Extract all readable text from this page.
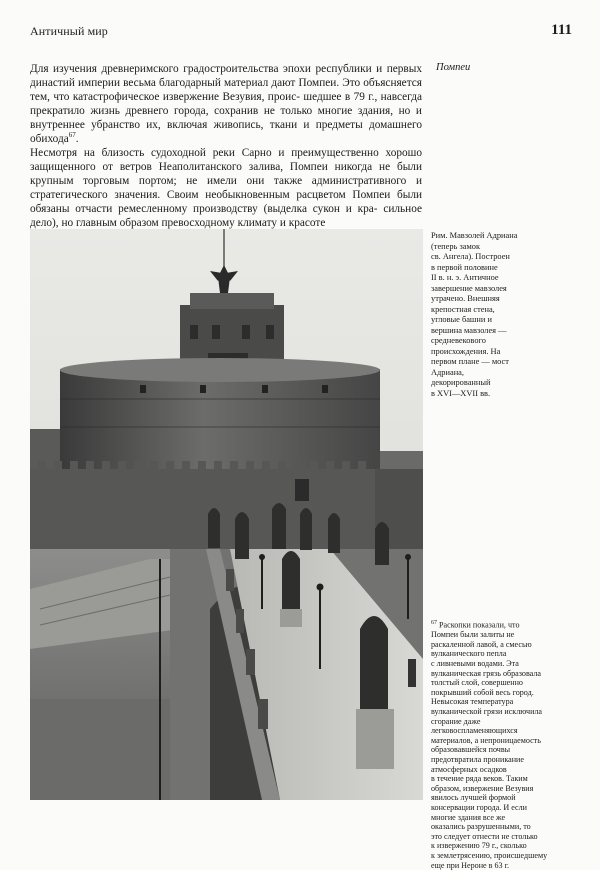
Античный мир	111

Для изучения древнеримского градостроительства эпохи республики и первых династий империи весьма благодарный материал дают Помпеи. Это объясняется тем, что катастрофическое извержение Везувия, проис- шедшее в 79 г., навсегда прекратило жизнь древнего города, сохранив не только многие здания, но и внутреннее убранство их, включая живопись, ткани и предметы домашнего обихода$^{67}$.

Несмотря на близость судоходной реки Сарно и преимущественно хорошо защищенного от ветров Неаполитанского залива, Помпеи никогда не были крупным торговым портом; не имели они также административного и стратегического значения. Своим необыкновенным расцветом Помпеи были обязаны отчасти ремесленному производству (выделка сукон и кра- сильное дело), но главным образом превосходному климату и красоте

Помпеи
Рим. Мавзолей Адриана
(теперь замок
св. Ангела). Построен
в первой половине
II в. н. э. Античное
завершение мавзолея
утрачено. Внешняя
крепостная стена,
угловые башни и
вершина мавзолея —
средневекового
происхождения. На
первом плане — мост
Адриана,
декорированный
в XVI—XVII вв.
$^{67}$ Раскопки показали, что
Помпеи были залиты не
раскаленной лавой, а смесью
вулканического пепла
с ливневыми водами. Эта
вулканическая грязь образовала
толстый слой, совершенно
покрывший собой весь город.
Невысокая температура
вулканической грязи исключила
сгорание даже
легковоспламеняющихся
материалов, а непроницаемость
образовавшейся почвы
предотвратила проникание
атмосферных осадков
в течение ряда веков. Таким
образом, извержение Везувия
явилось лучшей формой
консервации города. И если
многие здания все же
оказались разрушенными, то
это следует отнести не столько
к извержению 79 г., сколько
к землетрясению, происшедшему
еще при Нероне в 63 г.
